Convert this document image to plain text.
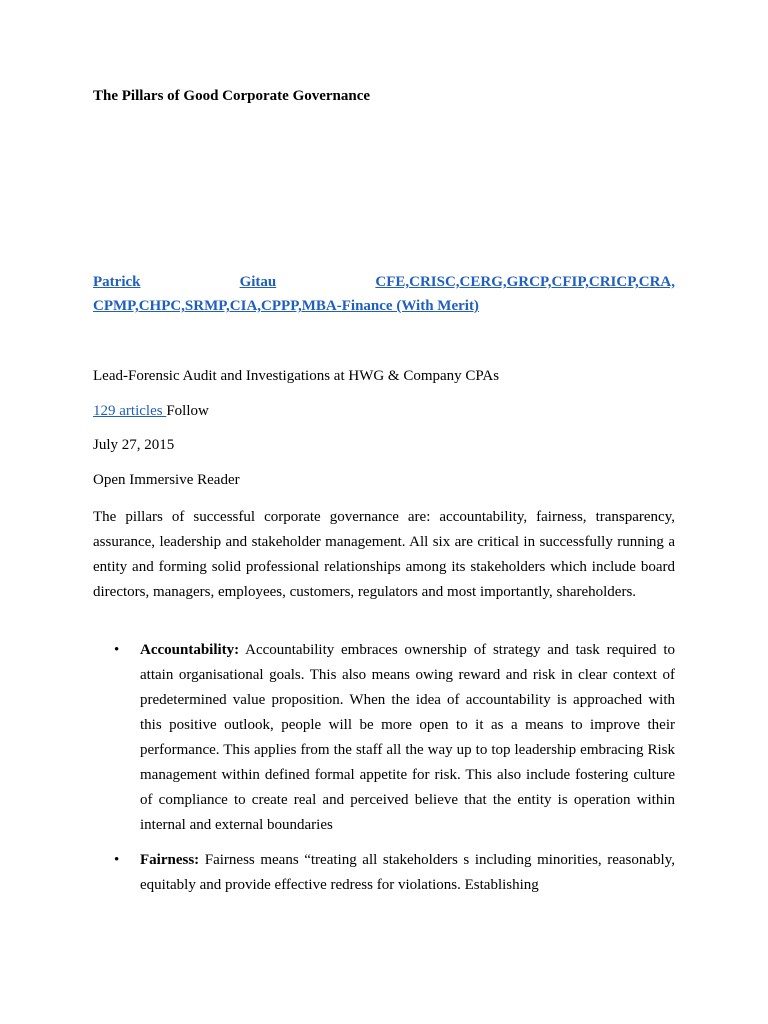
The Pillars of Good Corporate Governance

Patrick	Gitau	CFE,CRISC,CERG,GRCP,CFIP,CRICP,CRA,
CPMP,CHPC,SRMP,CIA,CPPP,MBA-Finance (With Merit)

Lead-Forensic Audit and Investigations at HWG & Company CPAs

129 articles Follow

July 27, 2015

Open Immersive Reader

The pillars of successful corporate governance are: accountability, fairness, transparency, assurance, leadership and stakeholder management. All six are critical in successfully running a entity and forming solid professional relationships among its stakeholders which include board directors, managers, employees, customers, regulators and most importantly, shareholders.

• Accountability: Accountability embraces ownership of strategy and task required to attain organisational goals. This also means owing reward and risk in clear context of predetermined value proposition. When the idea of accountability is approached with this positive outlook, people will be more open to it as a means to improve their performance. This applies from the staff all the way up to top leadership embracing Risk management within defined formal appetite for risk. This also include fostering culture of compliance to create real and perceived believe that the entity is operation within internal and external boundaries
• Fairness: Fairness means “treating all stakeholders s including minorities, reasonably, equitably and provide effective redress for violations. Establishing
